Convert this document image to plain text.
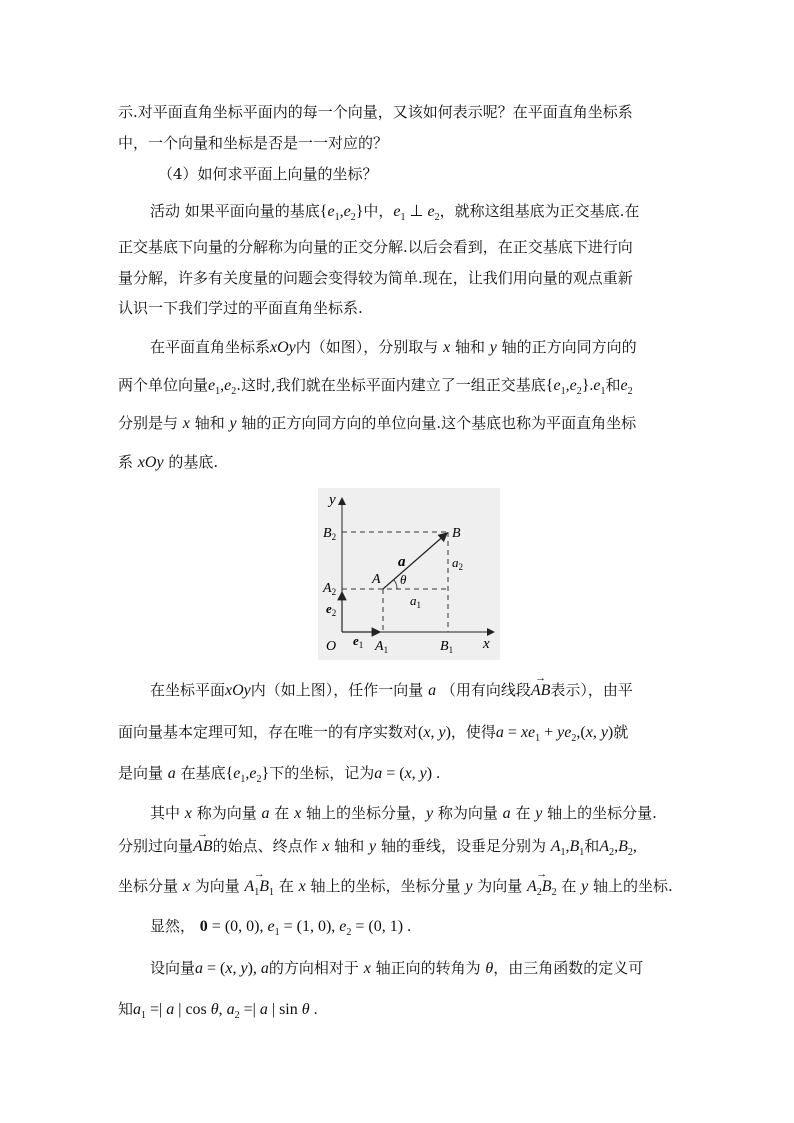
示.对平面直角坐标平面内的每一个向量，又该如何表示呢？在平面直角坐标系
中，一个向量和坐标是否是一一对应的？
（4）如何求平面上向量的坐标？
活动 如果平面向量的基底$\{e_1,e_2\}$中，$e_1$ ⊥ $e_2$，就称这组基底为正交基底.在
正交基底下向量的分解称为向量的正交分解.以后会看到，在正交基底下进行向
量分解，许多有关度量的问题会变得较为简单.现在，让我们用向量的观点重新
认识一下我们学过的平面直角坐标系.
在平面直角坐标系xOy内（如图），分别取与 x 轴和 y 轴的正方向同方向的
两个单位向量$e_1,e_2$.这时,我们就在坐标平面内建立了一组正交基底$\{e_1,e_2\}.e_1$和$e_2$
分别是与 x 轴和 y 轴的正方向同方向的单位向量.这个基底也称为平面直角坐标
系 xOy 的基底.
y
x
O
$B_2$	B
$A_2$
A θ
a
$a_1$
$a_2$
$e_2$
$e_1$ $A_1$	$B_1$
在坐标平面xOy内（如上图），任作一向量 a （用有向线段→ AB表示），由平
面向量基本定理可知，存在唯一的有序实数对(x, y)，使得$a = xe_1 + ye_2,(x$, y)就
是向量 a 在基底$\{e_1,e_2\}$下的坐标，记为a = (x, y) .
其中 x 称为向量 a 在 x 轴上的坐标分量，y 称为向量 a 在 y 轴上的坐标分量.
分别过向量→ AB的始点、终点作 x 轴和 y 轴的垂线，设垂足分别为 $A_1,B_1$和$A_2,B_2$,
坐标分量 x 为向量 → $A_1B_1$ 在 x 轴上的坐标，坐标分量 y 为向量 → $A_2B_2$ 在 y 轴上的坐标.
显然， 0 = (0, 0), $e_1 = (1$, 0), $e_2 = (0$, 1) .
设向量a = (x, y), a的方向相对于 x 轴正向的转角为 θ，由三角函数的定义可
知$a_1$ =| a | cos θ, $a_2$ =| a | sin θ .
